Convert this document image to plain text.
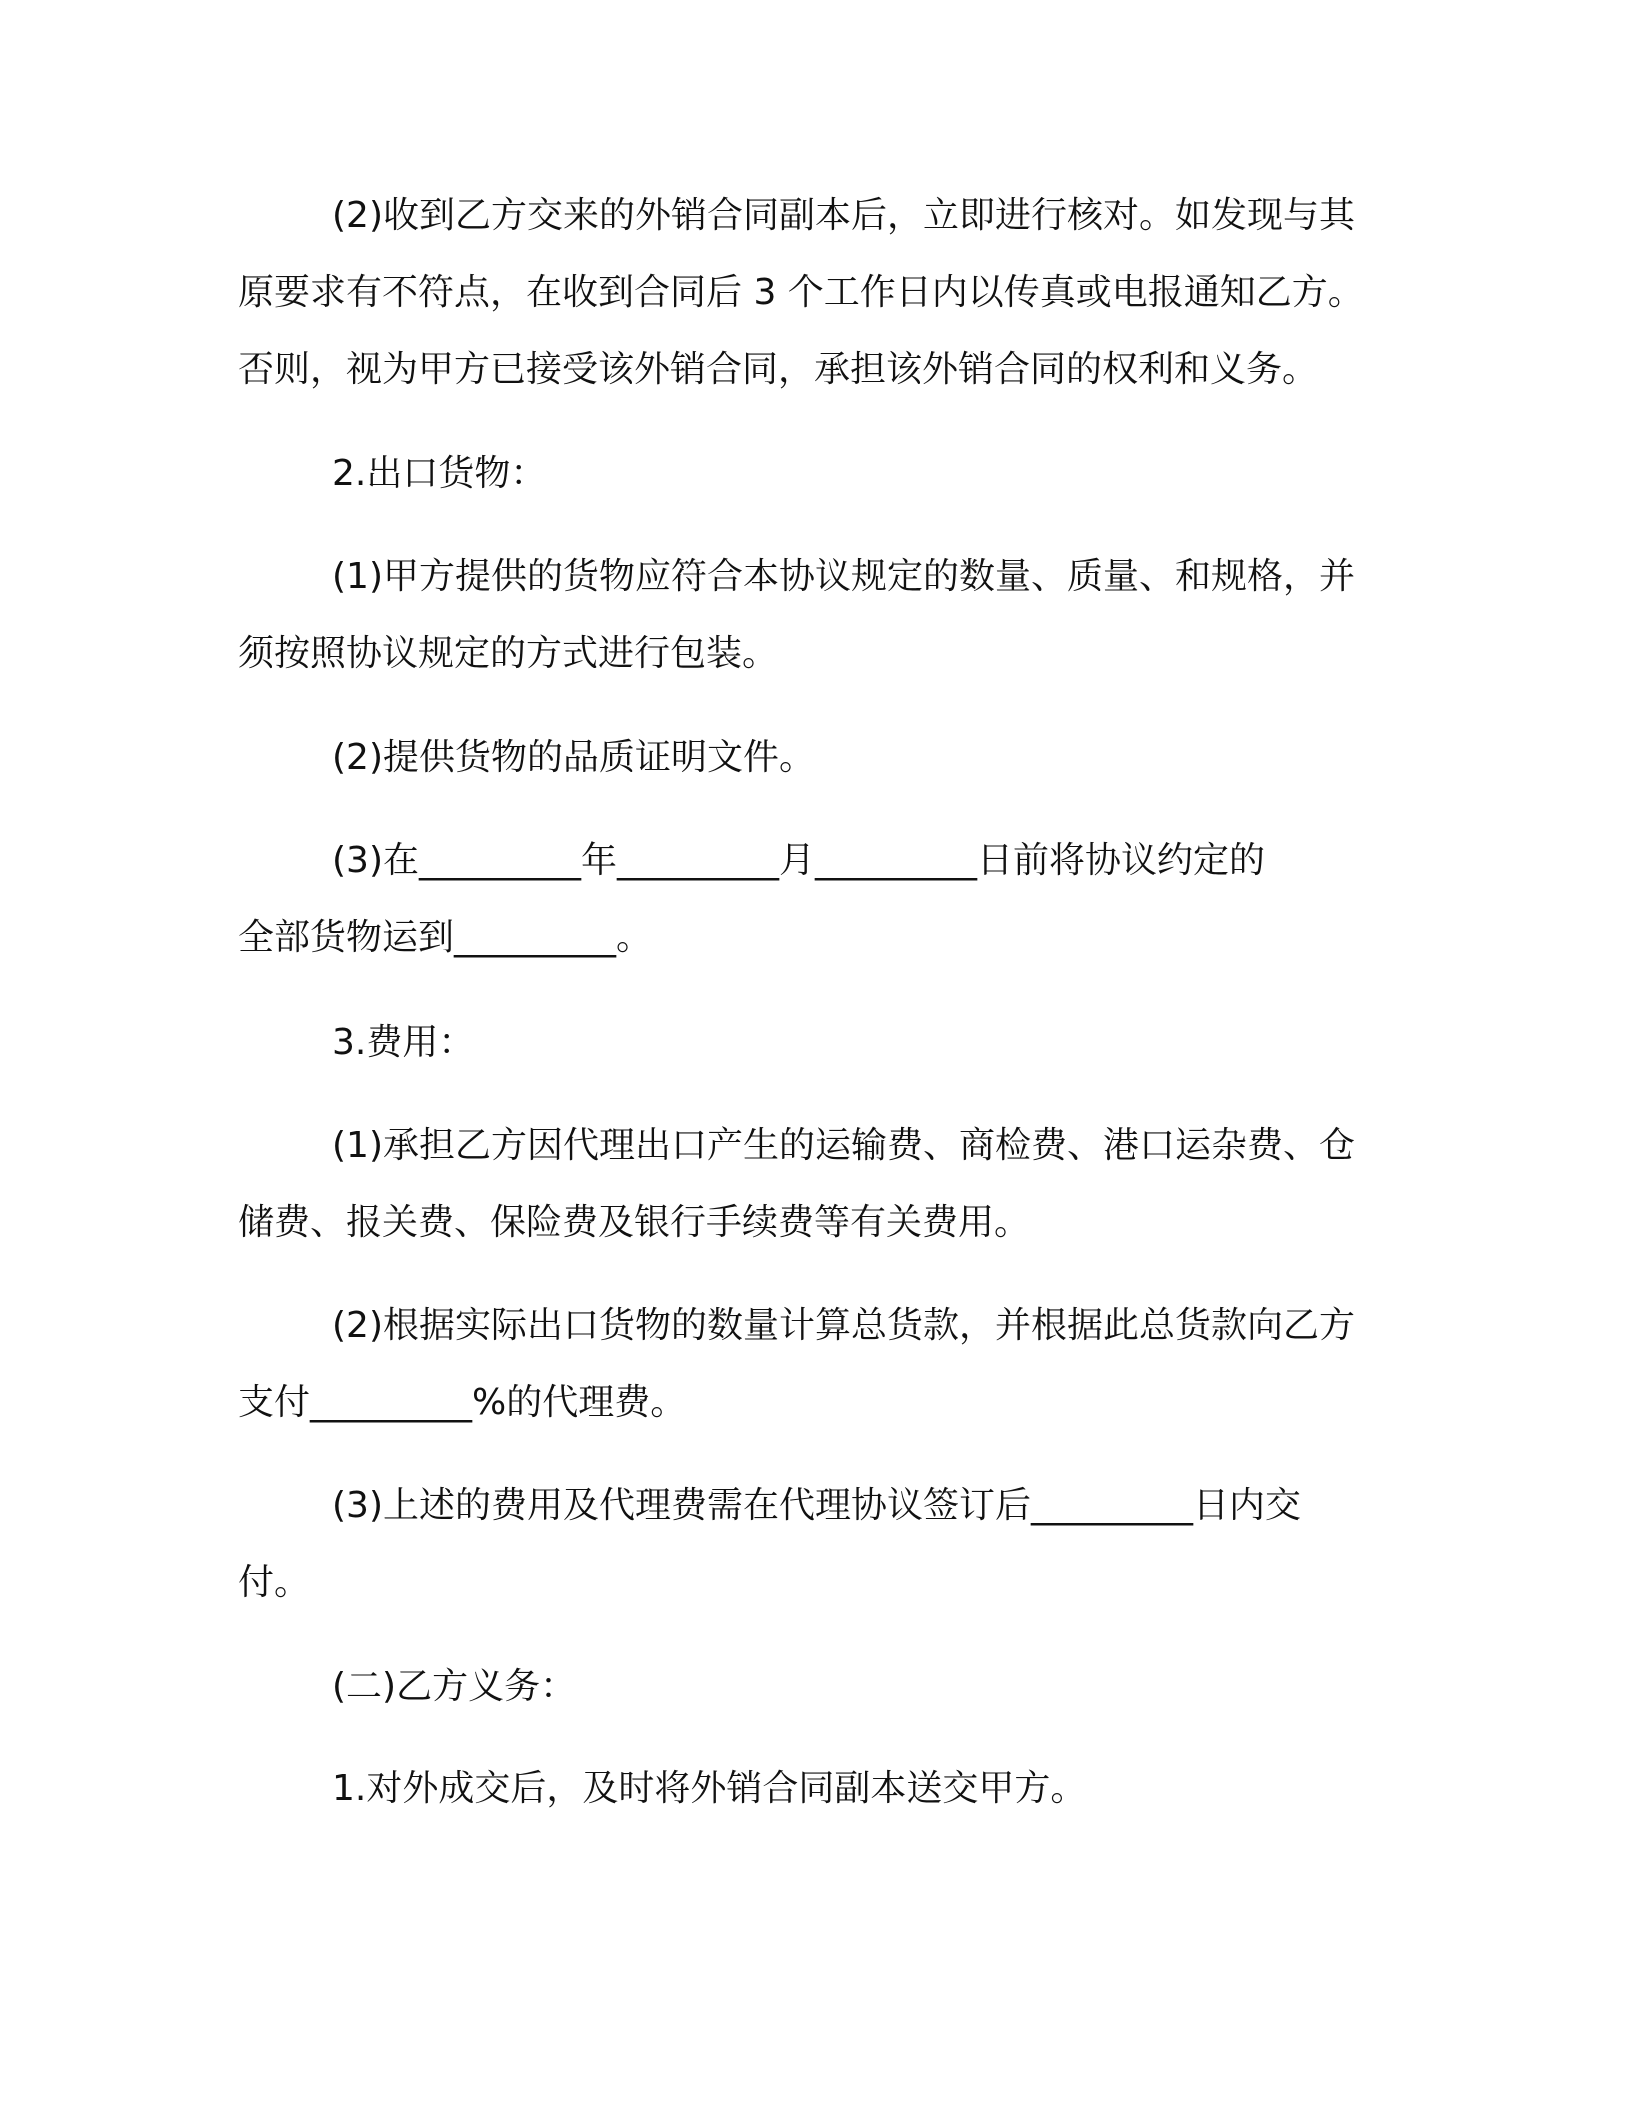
(2)收到乙方交来的外销合同副本后，立即进行核对。如发现与其
原要求有不符点，在收到合同后 3 个工作日内以传真或电报通知乙方。
否则，视为甲方已接受该外销合同，承担该外销合同的权利和义务。

2.出口货物：

(1)甲方提供的货物应符合本协议规定的数量、质量、和规格，并
须按照协议规定的方式进行包装。

(2)提供货物的品质证明文件。

(3)在_________年_________月_________日前将协议约定的
全部货物运到_________。

3.费用：

(1)承担乙方因代理出口产生的运输费、商检费、港口运杂费、仓
储费、报关费、保险费及银行手续费等有关费用。

(2)根据实际出口货物的数量计算总货款，并根据此总货款向乙方
支付_________%的代理费。

(3)上述的费用及代理费需在代理协议签订后_________日内交
付。

(二)乙方义务：

1.对外成交后，及时将外销合同副本送交甲方。
